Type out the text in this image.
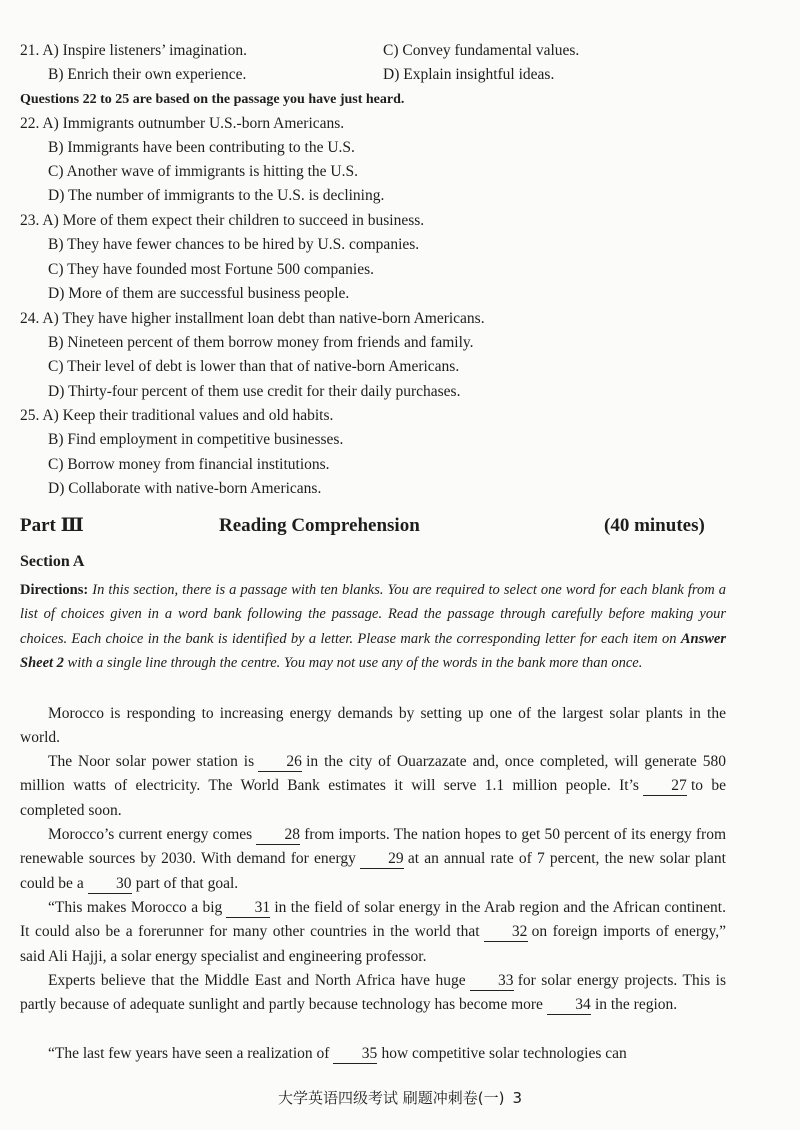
21. A) Inspire listeners’ imagination.	C) Convey fundamental values.
B) Enrich their own experience.	D) Explain insightful ideas.
Questions 22 to 25 are based on the passage you have just heard.
22. A) Immigrants outnumber U.S.-born Americans.
B) Immigrants have been contributing to the U.S.
C) Another wave of immigrants is hitting the U.S.
D) The number of immigrants to the U.S. is declining.
23. A) More of them expect their children to succeed in business.
B) They have fewer chances to be hired by U.S. companies.
C) They have founded most Fortune 500 companies.
D) More of them are successful business people.
24. A) They have higher installment loan debt than native-born Americans.
B) Nineteen percent of them borrow money from friends and family.
C) Their level of debt is lower than that of native-born Americans.
D) Thirty-four percent of them use credit for their daily purchases.
25. A) Keep their traditional values and old habits.
B) Find employment in competitive businesses.
C) Borrow money from financial institutions.
D) Collaborate with native-born Americans.
Part Ⅲ	Reading Comprehension	(40 minutes)
Section A
Directions: In this section, there is a passage with ten blanks. You are required to select one word for each blank from a list of choices given in a word bank following the passage. Read the passage through carefully before making your choices. Each choice in the bank is identified by a letter. Please mark the corresponding letter for each item on Answer Sheet 2 with a single line through the centre. You may not use any of the words in the bank more than once.
Morocco is responding to increasing energy demands by setting up one of the largest solar plants in the world.
The Noor solar power station is 26 in the city of Ouarzazate and, once completed, will generate 580 million watts of electricity. The World Bank estimates it will serve 1.1 million people. It’s 27 to be completed soon.
Morocco’s current energy comes 28 from imports. The nation hopes to get 50 percent of its energy from renewable sources by 2030. With demand for energy 29 at an annual rate of 7 percent, the new solar plant could be a 30 part of that goal.
“This makes Morocco a big 31 in the field of solar energy in the Arab region and the African continent. It could also be a forerunner for many other countries in the world that 32 on foreign imports of energy,” said Ali Hajji, a solar energy specialist and engineering professor.
Experts believe that the Middle East and North Africa have huge 33 for solar energy projects. This is partly because of adequate sunlight and partly because technology has become more 34 in the region.
“The last few years have seen a realization of 35 how competitive solar technologies can
大学英语四级考试 刷题冲刺卷(一) 3
